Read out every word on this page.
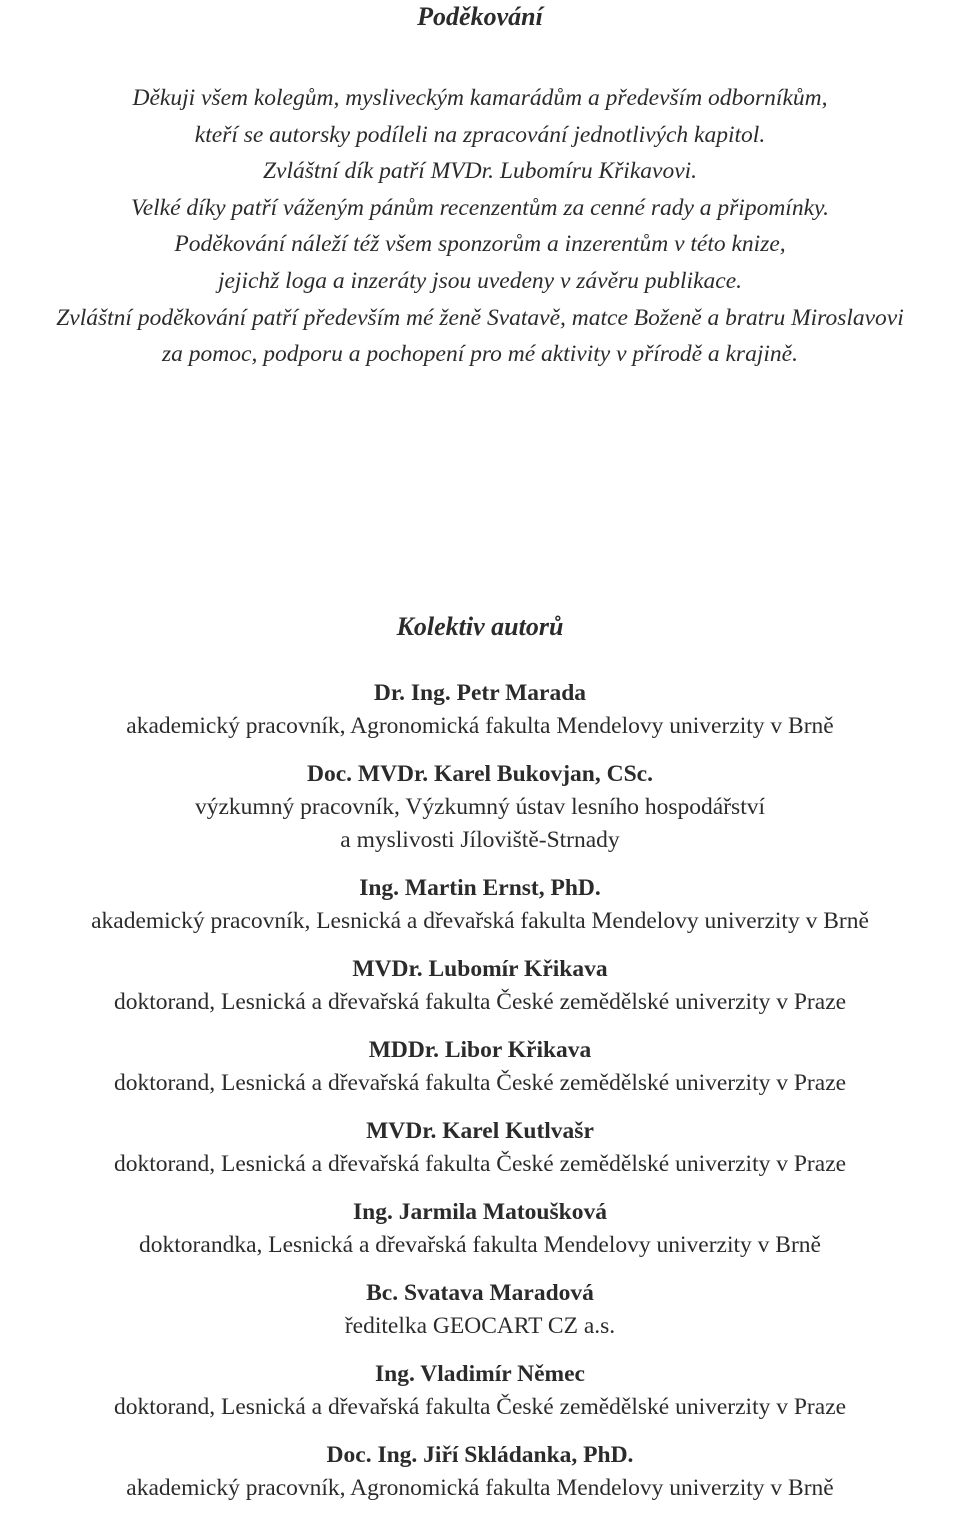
Poděkování
Děkuji všem kolegům, mysliveckým kamarádům a především odborníkům,
kteří se autorsky podíleli na zpracování jednotlivých kapitol.
Zvláštní dík patří MVDr. Lubomíru Křikavovi.
Velké díky patří váženým pánům recenzentům za cenné rady a připomínky.
Poděkování náleží též všem sponzorům a inzerentům v této knize,
jejichž loga a inzeráty jsou uvedeny v závěru publikace.
Zvláštní poděkování patří především mé ženě Svatavě, matce Boženě a bratru Miroslavovi
za pomoc, podporu a pochopení pro mé aktivity v přírodě a krajině.
Kolektiv autorů
Dr. Ing. Petr Marada
akademický pracovník, Agronomická fakulta Mendelovy univerzity v Brně
Doc. MVDr. Karel Bukovjan, CSc.
výzkumný pracovník, Výzkumný ústav lesního hospodářství
a myslivosti Jíloviště-Strnady
Ing. Martin Ernst, PhD.
akademický pracovník, Lesnická a dřevařská fakulta Mendelovy univerzity v Brně
MVDr. Lubomír Křikava
doktorand, Lesnická a dřevařská fakulta České zemědělské univerzity v Praze
MDDr. Libor Křikava
doktorand, Lesnická a dřevařská fakulta České zemědělské univerzity v Praze
MVDr. Karel Kutlvašr
doktorand, Lesnická a dřevařská fakulta České zemědělské univerzity v Praze
Ing. Jarmila Matoušková
doktorandka, Lesnická a dřevařská fakulta Mendelovy univerzity v Brně
Bc. Svatava Maradová
ředitelka GEOCART CZ a.s.
Ing. Vladimír Němec
doktorand, Lesnická a dřevařská fakulta České zemědělské univerzity v Praze
Doc. Ing. Jiří Skládanka, PhD.
akademický pracovník, Agronomická fakulta Mendelovy univerzity v Brně
